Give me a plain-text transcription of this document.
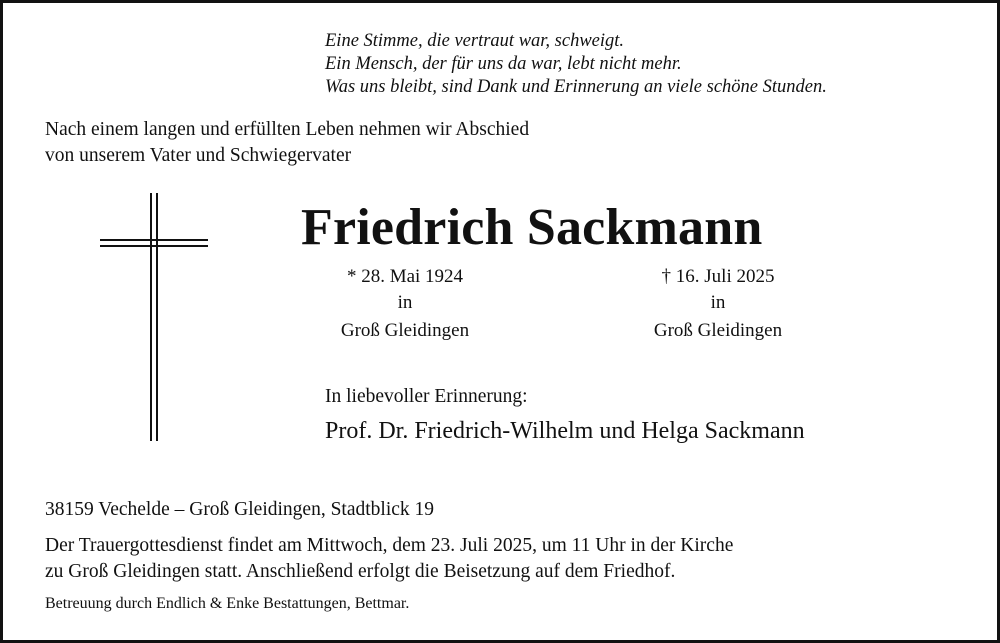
Eine Stimme, die vertraut war, schweigt.
Ein Mensch, der für uns da war, lebt nicht mehr.
Was uns bleibt, sind Dank und Erinnerung an viele schöne Stunden.
Nach einem langen und erfüllten Leben nehmen wir Abschied
von unserem Vater und Schwiegervater
Friedrich Sackmann
* 28. Mai 1924
in
Groß Gleidingen
† 16. Juli 2025
in
Groß Gleidingen
In liebevoller Erinnerung:
Prof. Dr. Friedrich-Wilhelm und Helga Sackmann
38159 Vechelde – Groß Gleidingen, Stadtblick 19
Der Trauergottesdienst findet am Mittwoch, dem 23. Juli 2025, um 11 Uhr in der Kirche
zu Groß Gleidingen statt. Anschließend erfolgt die Beisetzung auf dem Friedhof.
Betreuung durch Endlich & Enke Bestattungen, Bettmar.
